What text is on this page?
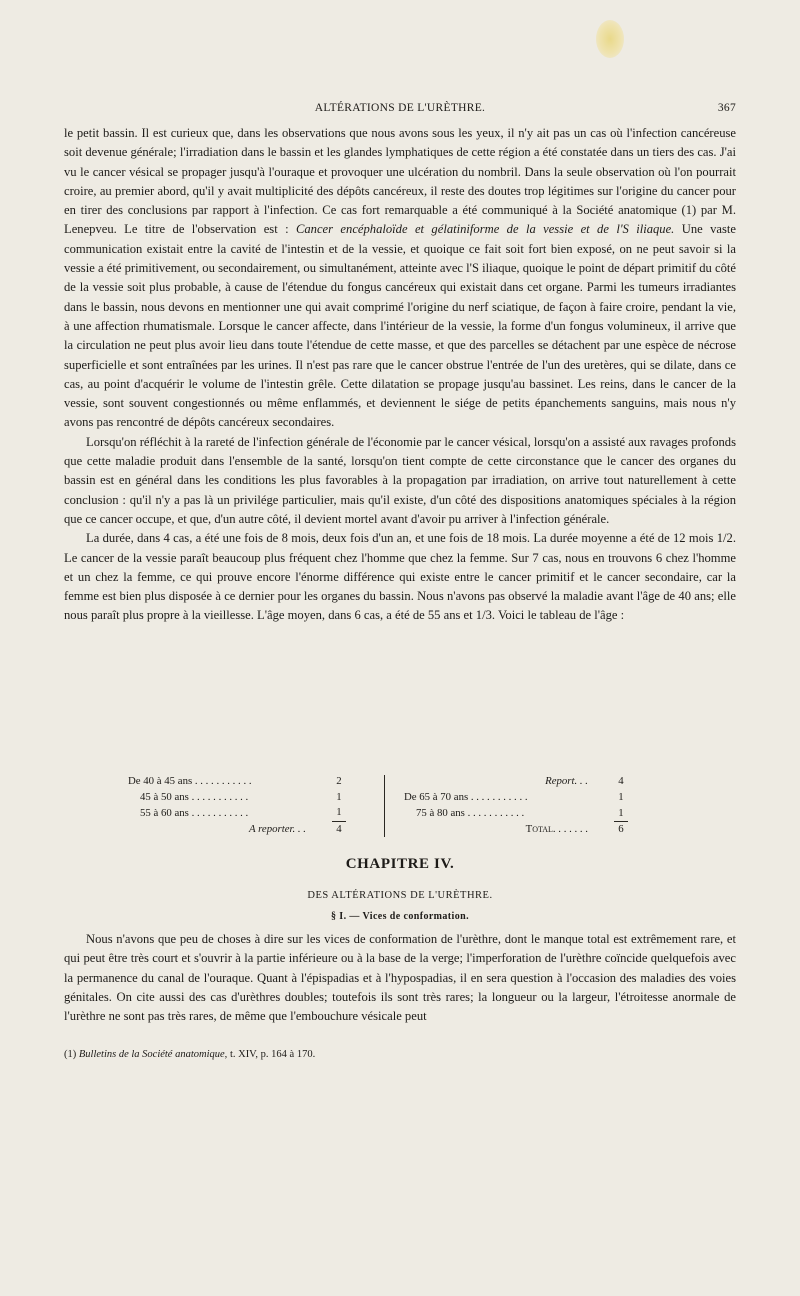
ALTÉRATIONS DE L'URÈTHRE.	367

le petit bassin. Il est curieux que, dans les observations que nous avons sous les yeux, il n'y ait pas un cas où l'infection cancéreuse soit devenue générale; l'irradiation dans le bassin et les glandes lymphatiques de cette région a été constatée dans un tiers des cas. J'ai vu le cancer vésical se propager jusqu'à l'ouraque et provoquer une ulcération du nombril. Dans la seule observation où l'on pourrait croire, au premier abord, qu'il y avait multiplicité des dépôts cancéreux, il reste des doutes trop légitimes sur l'origine du cancer pour en tirer des conclusions par rapport à l'infection. Ce cas fort remarquable a été communiqué à la Société anatomique (1) par M. Lenepveu. Le titre de l'observation est : Cancer encéphaloïde et gélatiniforme de la vessie et de l'S iliaque. Une vaste communication existait entre la cavité de l'intestin et de la vessie, et quoique ce fait soit fort bien exposé, on ne peut savoir si la vessie a été primitivement, ou secondairement, ou simultanément, atteinte avec l'S iliaque, quoique le point de départ primitif du côté de la vessie soit plus probable, à cause de l'étendue du fongus cancéreux qui existait dans cet organe. Parmi les tumeurs irradiantes dans le bassin, nous devons en mentionner une qui avait comprimé l'origine du nerf sciatique, de façon à faire croire, pendant la vie, à une affection rhumatismale. Lorsque le cancer affecte, dans l'intérieur de la vessie, la forme d'un fongus volumineux, il arrive que la circulation ne peut plus avoir lieu dans toute l'étendue de cette masse, et que des parcelles se détachent par une espèce de nécrose superficielle et sont entraînées par les urines. Il n'est pas rare que le cancer obstrue l'entrée de l'un des uretères, qui se dilate, dans ce cas, au point d'acquérir le volume de l'intestin grêle. Cette dilatation se propage jusqu'au bassinet. Les reins, dans le cancer de la vessie, sont souvent congestionnés ou même enflammés, et deviennent le siége de petits épanchements sanguins, mais nous n'y avons pas rencontré de dépôts cancéreux secondaires.

Lorsqu'on réfléchit à la rareté de l'infection générale de l'économie par le cancer vésical, lorsqu'on a assisté aux ravages profonds que cette maladie produit dans l'ensemble de la santé, lorsqu'on tient compte de cette circonstance que le cancer des organes du bassin est en général dans les conditions les plus favorables à la propagation par irradiation, on arrive tout naturellement à cette conclusion : qu'il n'y a pas là un privilége particulier, mais qu'il existe, d'un côté des dispositions anatomiques spéciales à la région que ce cancer occupe, et que, d'un autre côté, il devient mortel avant d'avoir pu arriver à l'infection générale.

La durée, dans 4 cas, a été une fois de 8 mois, deux fois d'un an, et une fois de 18 mois. La durée moyenne a été de 12 mois 1/2. Le cancer de la vessie paraît beaucoup plus fréquent chez l'homme que chez la femme. Sur 7 cas, nous en trouvons 6 chez l'homme et un chez la femme, ce qui prouve encore l'énorme différence qui existe entre le cancer primitif et le cancer secondaire, car la femme est bien plus disposée à ce dernier pour les organes du bassin. Nous n'avons pas observé la maladie avant l'âge de 40 ans; elle nous paraît plus propre à la vieillesse. L'âge moyen, dans 6 cas, a été de 55 ans et 1/3. Voici le tableau de l'âge :

De 40 à 45 ans . . . . . . . . . . .	2
45 à 50 ans . . . . . . . . . . .	1
55 à 60 ans . . . . . . . . . . .	1
A reporter. . .	4
Report. . .	4
De 65 à 70 ans . . . . . . . . . . .	1
75 à 80 ans . . . . . . . . . . .	1
Total. . . . . . .	6
CHAPITRE IV.
DES ALTÉRATIONS DE L'URÈTHRE.
§ I. — Vices de conformation.

Nous n'avons que peu de choses à dire sur les vices de conformation de l'urèthre, dont le manque total est extrêmement rare, et qui peut être très court et s'ouvrir à la partie inférieure ou à la base de la verge; l'imperforation de l'urèthre coïncide quelquefois avec la permanence du canal de l'ouraque. Quant à l'épispadias et à l'hypospadias, il en sera question à l'occasion des maladies des voies génitales. On cite aussi des cas d'urèthres doubles; toutefois ils sont très rares; la longueur ou la largeur, l'étroitesse anormale de l'urèthre ne sont pas très rares, de même que l'embouchure vésicale peut

(1) Bulletins de la Société anatomique, t. XIV, p. 164 à 170.
